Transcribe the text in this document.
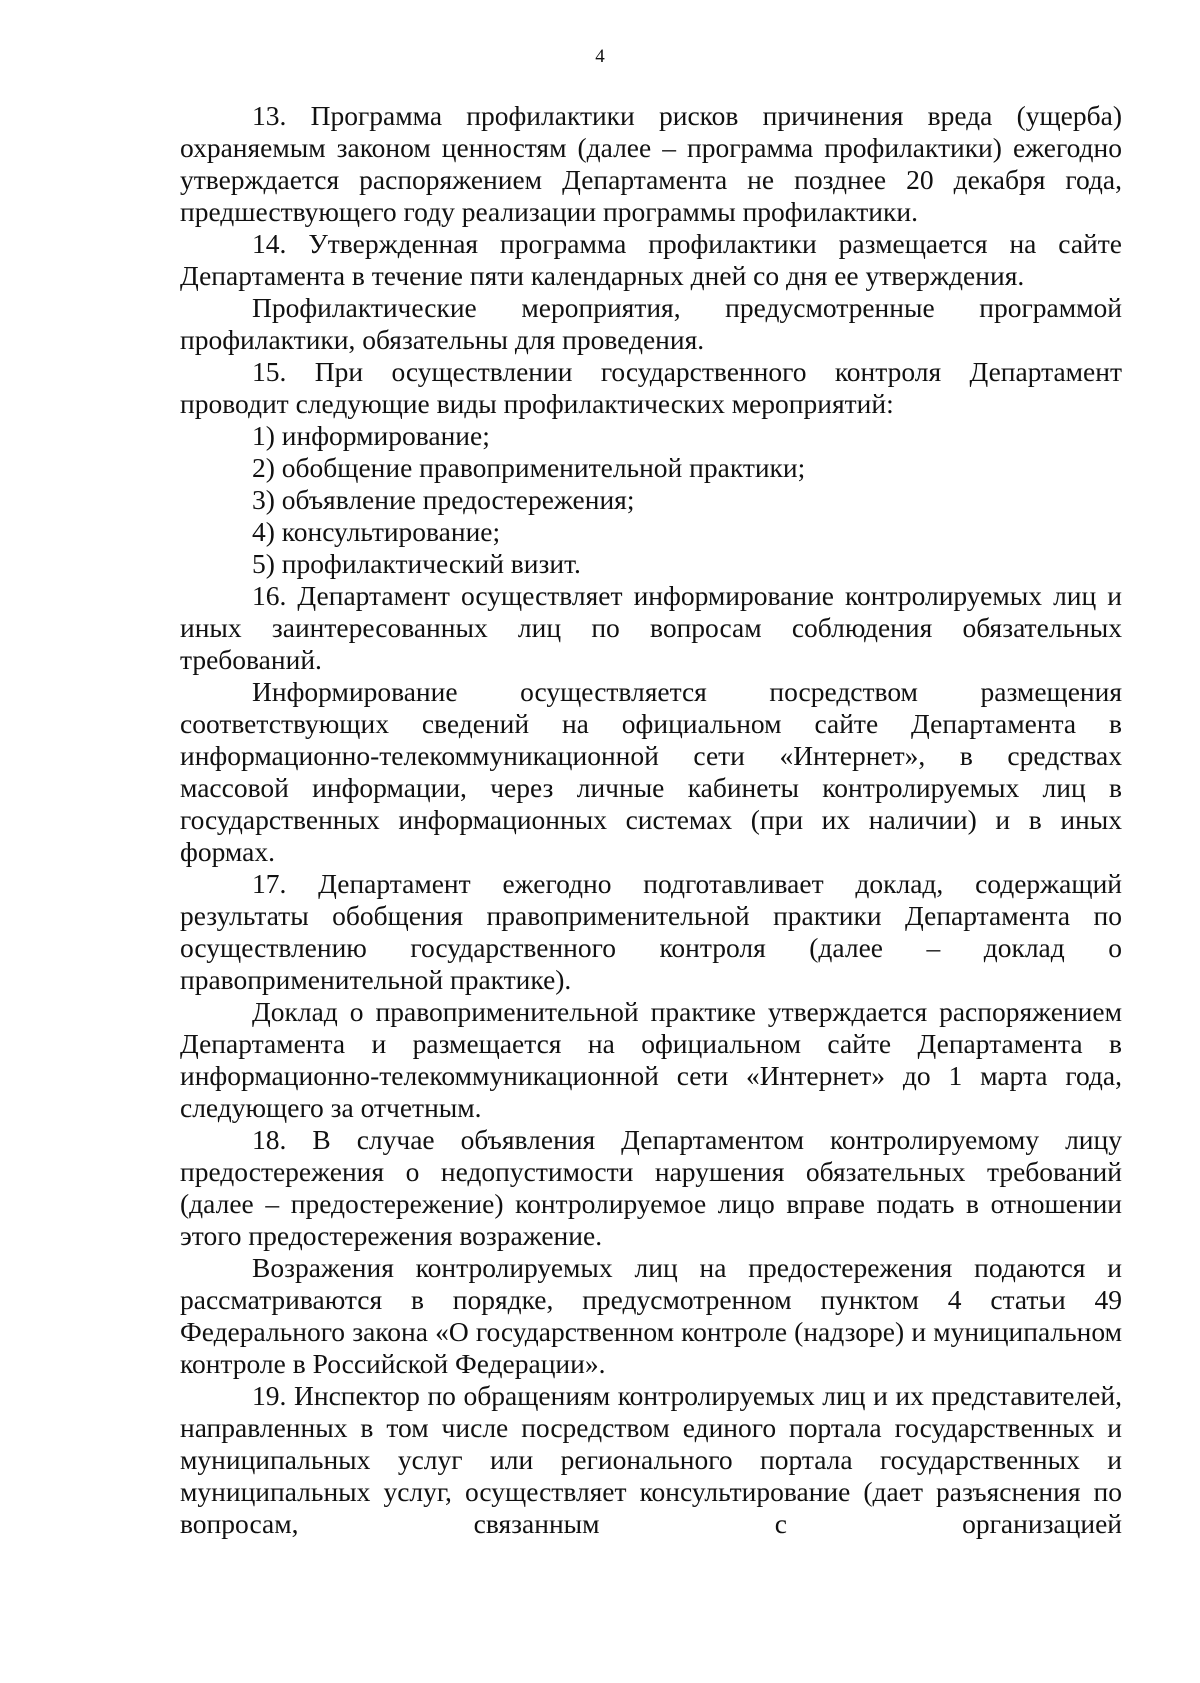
4

13. Программа профилактики рисков причинения вреда (ущерба) охраняемым законом ценностям (далее – программа профилактики) ежегодно утверждается распоряжением Департамента не позднее 20 декабря года, предшествующего году реализации программы профилактики.

14. Утвержденная программа профилактики размещается на сайте Департамента в течение пяти календарных дней со дня ее утверждения.

Профилактические мероприятия, предусмотренные программой профилактики, обязательны для проведения.

15. При осуществлении государственного контроля Департамент проводит следующие виды профилактических мероприятий:

1) информирование;

2) обобщение правоприменительной практики;

3) объявление предостережения;

4) консультирование;

5) профилактический визит.

16. Департамент осуществляет информирование контролируемых лиц и иных заинтересованных лиц по вопросам соблюдения обязательных требований.

Информирование осуществляется посредством размещения соответствующих сведений на официальном сайте Департамента в информационно-телекоммуникационной сети «Интернет», в средствах массовой информации, через личные кабинеты контролируемых лиц в государственных информационных системах (при их наличии) и в иных формах.

17. Департамент ежегодно подготавливает доклад, содержащий результаты обобщения правоприменительной практики Департамента по осуществлению государственного контроля (далее – доклад о правоприменительной практике).

Доклад о правоприменительной практике утверждается распоряжением Департамента и размещается на официальном сайте Департамента в информационно-телекоммуникационной сети «Интернет» до 1 марта года, следующего за отчетным.

18. В случае объявления Департаментом контролируемому лицу предостережения о недопустимости нарушения обязательных требований (далее – предостережение) контролируемое лицо вправе подать в отношении этого предостережения возражение.

Возражения контролируемых лиц на предостережения подаются и рассматриваются в порядке, предусмотренном пунктом 4 статьи 49 Федерального закона «О государственном контроле (надзоре) и муниципальном контроле в Российской Федерации».

19. Инспектор по обращениям контролируемых лиц и их представителей, направленных в том числе посредством единого портала государственных и муниципальных услуг или регионального портала государственных и муниципальных услуг, осуществляет консультирование (дает разъяснения по вопросам, связанным с организацией
